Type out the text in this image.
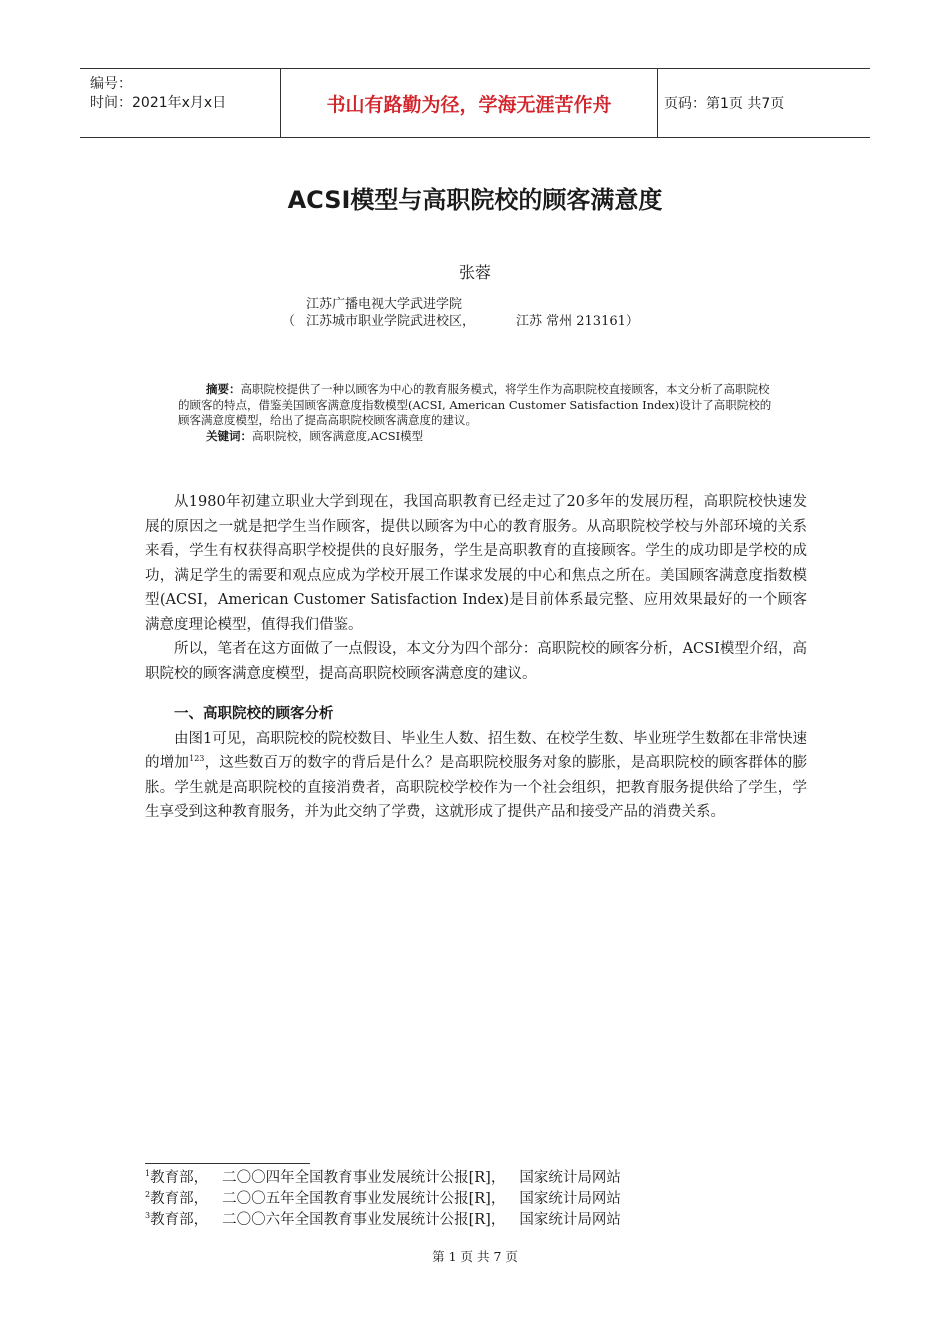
编号：
时间：2021年x月x日	书山有路勤为径，学海无涯苦作舟	页码：第1页 共7页
ACSI模型与高职院校的顾客满意度
张蓉
（
江苏广播电视大学武进学院
江苏城市职业学院武进校区，	江苏 常州 213161）

摘要：高职院校提供了一种以顾客为中心的教育服务模式，将学生作为高职院校直接顾客，本文分析了高职院校的顾客的特点，借鉴美国顾客满意度指数模型(ACSI, American Customer Satisfaction Index)设计了高职院校的顾客满意度模型，给出了提高高职院校顾客满意度的建议。

关键词：高职院校，顾客满意度,ACSI模型

从1980年初建立职业大学到现在，我国高职教育已经走过了20多年的发展历程，高职院校快速发展的原因之一就是把学生当作顾客，提供以顾客为中心的教育服务。从高职院校学校与外部环境的关系来看，学生有权获得高职学校提供的良好服务，学生是高职教育的直接顾客。学生的成功即是学校的成功，满足学生的需要和观点应成为学校开展工作谋求发展的中心和焦点之所在。美国顾客满意度指数模型(ACSI，American Customer Satisfaction Index)是目前体系最完整、应用效果最好的一个顾客满意度理论模型，值得我们借鉴。

所以，笔者在这方面做了一点假设，本文分为四个部分：高职院校的顾客分析，ACSI模型介绍，高职院校的顾客满意度模型，提高高职院校顾客满意度的建议。

一、高职院校的顾客分析

由图1可见，高职院校的院校数目、毕业生人数、招生数、在校学生数、毕业班学生数都在非常快速的增加$^{123}$，这些数百万的数字的背后是什么？是高职院校服务对象的膨胀，是高职院校的顾客群体的膨胀。学生就是高职院校的直接消费者，高职院校学校作为一个社会组织，把教育服务提供给了学生，学生享受到这种教育服务，并为此交纳了学费，这就形成了提供产品和接受产品的消费关系。

$^1$教育部， 二〇〇四年全国教育事业发展统计公报[R]， 国家统计局网站
$^2$教育部， 二〇〇五年全国教育事业发展统计公报[R]， 国家统计局网站
$^3$教育部， 二〇〇六年全国教育事业发展统计公报[R]， 国家统计局网站
第 1 页 共 7 页
